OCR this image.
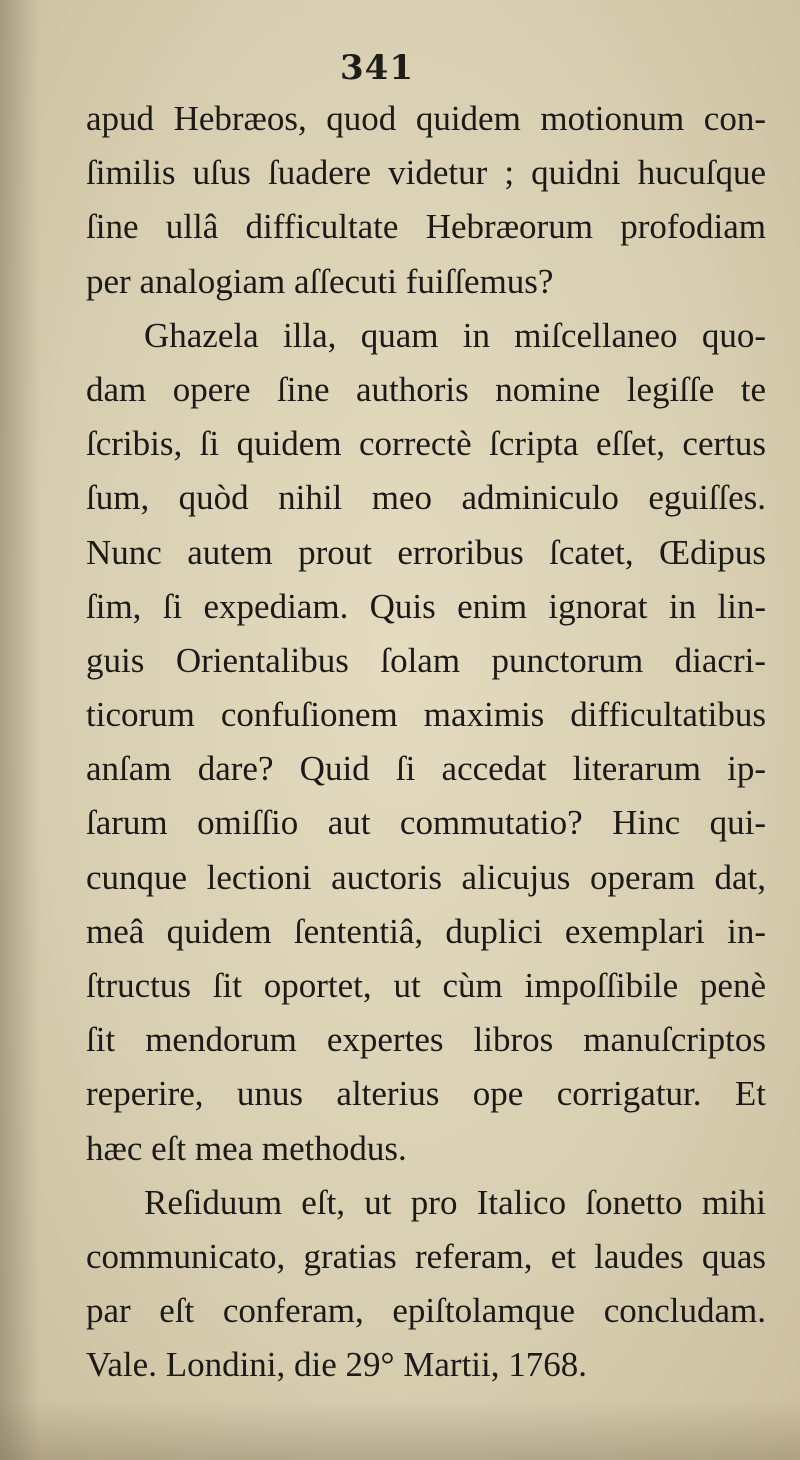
341
apud Hebræos, quod quidem motionum con-
ſimilis uſus ſuadere videtur ; quidni hucuſque
ſine ullâ difficultate Hebræorum profodiam
per analogiam aſſecuti fuiſſemus?
Ghazela illa, quam in miſcellaneo quo-
dam opere ſine authoris nomine legiſſe te
ſcribis, ſi quidem correctè ſcripta eſſet, certus
ſum, quòd nihil meo adminiculo eguiſſes.
Nunc autem prout erroribus ſcatet, Œdipus
ſim, ſi expediam. Quis enim ignorat in lin-
guis Orientalibus ſolam punctorum diacri-
ticorum confuſionem maximis difficultatibus
anſam dare? Quid ſi accedat literarum ip-
ſarum omiſſio aut commutatio? Hinc qui-
cunque lectioni auctoris alicujus operam dat,
meâ quidem ſententiâ, duplici exemplari in-
ſtructus ſit oportet, ut cùm impoſſibile penè
ſit mendorum expertes libros manuſcriptos
reperire, unus alterius ope corrigatur. Et
hæc eſt mea methodus.
Reſiduum eſt, ut pro Italico ſonetto mihi
communicato, gratias referam, et laudes quas
par eſt conferam, epiſtolamque concludam.
Vale. Londini, die 29° Martii, 1768.
